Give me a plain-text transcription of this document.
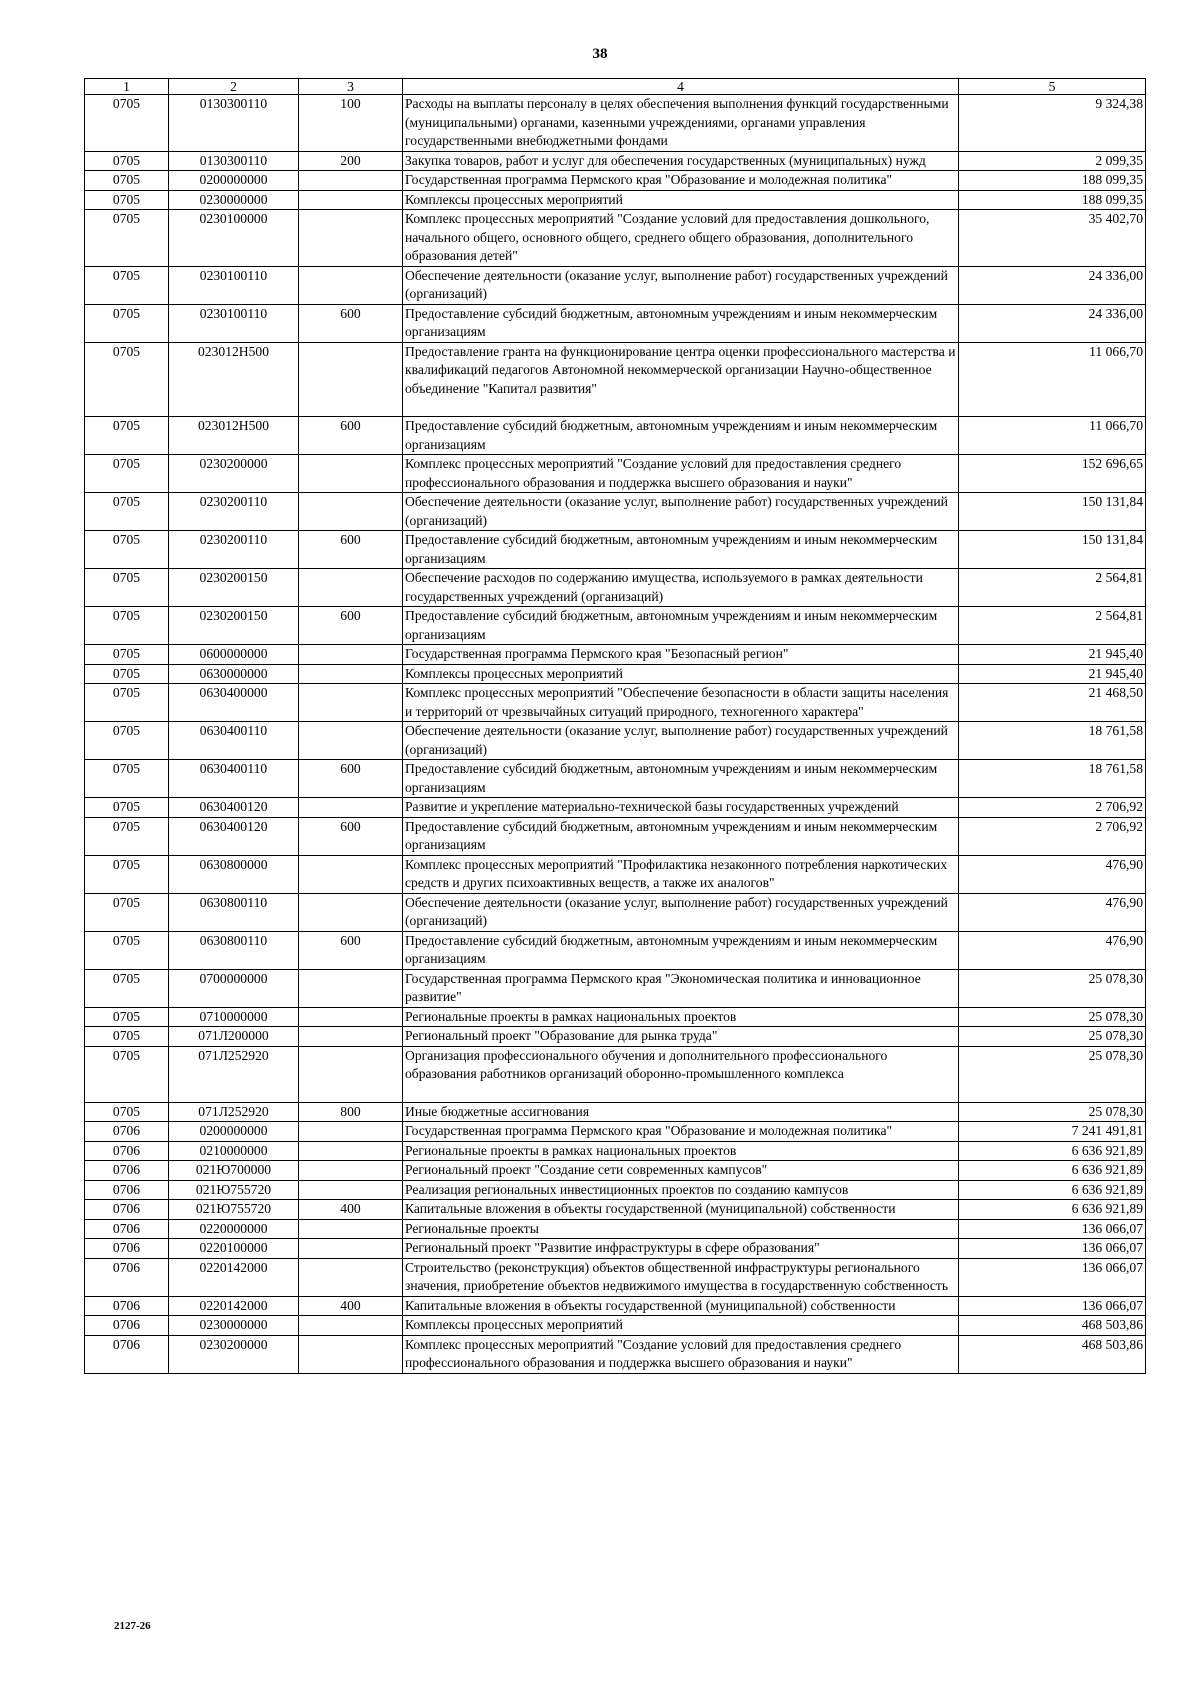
38
1	2	3	4	5
0705	0130300110	100	Расходы на выплаты персоналу в целях обеспечения выполнения функций государственными (муниципальными) органами, казенными учреждениями, органами управления государственными внебюджетными фондами	9 324,38
0705	0130300110	200	Закупка товаров, работ и услуг для обеспечения государственных (муниципальных) нужд	2 099,35
0705	0200000000		Государственная программа Пермского края "Образование и молодежная политика"	188 099,35
0705	0230000000		Комплексы процессных мероприятий	188 099,35
0705	0230100000		Комплекс процессных мероприятий "Создание условий для предоставления дошкольного, начального общего, основного общего, среднего общего образования, дополнительного образования детей"	35 402,70
0705	0230100110		Обеспечение деятельности (оказание услуг, выполнение работ) государственных учреждений (организаций)	24 336,00
0705	0230100110	600	Предоставление субсидий бюджетным, автономным учреждениям и иным некоммерческим организациям	24 336,00
0705	023012Н500		Предоставление гранта на функционирование центра оценки профессионального мастерства и квалификаций педагогов Автономной некоммерческой организации Научно-общественное объединение "Капитал развития"	11 066,70
0705	023012Н500	600	Предоставление субсидий бюджетным, автономным учреждениям и иным некоммерческим организациям	11 066,70
0705	0230200000		Комплекс процессных мероприятий "Создание условий для предоставления среднего профессионального образования и поддержка высшего образования и науки"	152 696,65
0705	0230200110		Обеспечение деятельности (оказание услуг, выполнение работ) государственных учреждений (организаций)	150 131,84
0705	0230200110	600	Предоставление субсидий бюджетным, автономным учреждениям и иным некоммерческим организациям	150 131,84
0705	0230200150		Обеспечение расходов по содержанию имущества, используемого в рамках деятельности государственных учреждений (организаций)	2 564,81
0705	0230200150	600	Предоставление субсидий бюджетным, автономным учреждениям и иным некоммерческим организациям	2 564,81
0705	0600000000		Государственная программа Пермского края "Безопасный регион"	21 945,40
0705	0630000000		Комплексы процессных мероприятий	21 945,40
0705	0630400000		Комплекс процессных мероприятий "Обеспечение безопасности в области защиты населения и территорий от чрезвычайных ситуаций природного, техногенного характера"	21 468,50
0705	0630400110		Обеспечение деятельности (оказание услуг, выполнение работ) государственных учреждений (организаций)	18 761,58
0705	0630400110	600	Предоставление субсидий бюджетным, автономным учреждениям и иным некоммерческим организациям	18 761,58
0705	0630400120		Развитие и укрепление материально-технической базы государственных учреждений	2 706,92
0705	0630400120	600	Предоставление субсидий бюджетным, автономным учреждениям и иным некоммерческим организациям	2 706,92
0705	0630800000		Комплекс процессных мероприятий "Профилактика незаконного потребления наркотических средств и других психоактивных веществ, а также их аналогов"	476,90
0705	0630800110		Обеспечение деятельности (оказание услуг, выполнение работ) государственных учреждений (организаций)	476,90
0705	0630800110	600	Предоставление субсидий бюджетным, автономным учреждениям и иным некоммерческим организациям	476,90
0705	0700000000		Государственная программа Пермского края "Экономическая политика и инновационное развитие"	25 078,30
0705	0710000000		Региональные проекты в рамках национальных проектов	25 078,30
0705	071Л200000		Региональный проект "Образование для рынка труда"	25 078,30
0705	071Л252920		Организация профессионального обучения и дополнительного профессионального образования работников организаций оборонно-промышленного комплекса	25 078,30
0705	071Л252920	800	Иные бюджетные ассигнования	25 078,30
0706	0200000000		Государственная программа Пермского края "Образование и молодежная политика"	7 241 491,81
0706	0210000000		Региональные проекты в рамках национальных проектов	6 636 921,89
0706	021Ю700000		Региональный проект "Создание сети современных кампусов"	6 636 921,89
0706	021Ю755720		Реализация региональных инвестиционных проектов по созданию кампусов	6 636 921,89
0706	021Ю755720	400	Капитальные вложения в объекты государственной (муниципальной) собственности	6 636 921,89
0706	0220000000		Региональные проекты	136 066,07
0706	0220100000		Региональный проект "Развитие инфраструктуры в сфере образования"	136 066,07
0706	0220142000		Строительство (реконструкция) объектов общественной инфраструктуры регионального значения, приобретение объектов недвижимого имущества в государственную собственность	136 066,07
0706	0220142000	400	Капитальные вложения в объекты государственной (муниципальной) собственности	136 066,07
0706	0230000000		Комплексы процессных мероприятий	468 503,86
0706	0230200000		Комплекс процессных мероприятий "Создание условий для предоставления среднего профессионального образования и поддержка высшего образования и науки"	468 503,86
2127-26
